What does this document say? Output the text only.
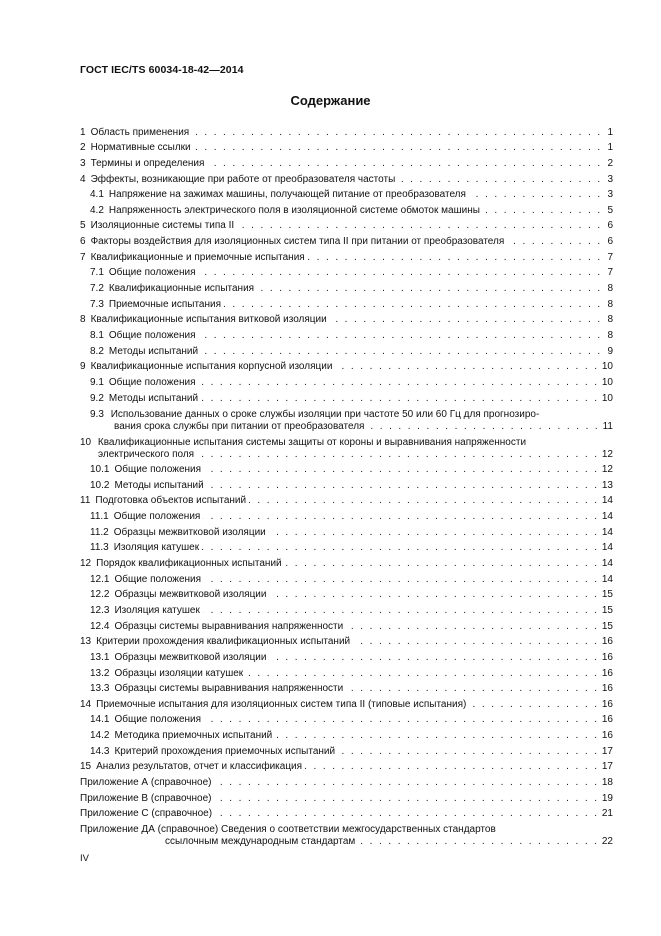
ГОСТ IEC/TS 60034-18-42—2014
Содержание
1 Область применения . . .	1
2 Нормативные ссылки . . .	1
3 Термины и определения . . .	2
4 Эффекты, возникающие при работе от преобразователя частоты . . .	3
4.1 Напряжение на зажимах машины, получающей питание от преобразователя . . .	3
4.2 Напряженность электрического поля в изоляционной системе обмоток машины . . .	5
5 Изоляционные системы типа II . . .	6
6 Факторы воздействия для изоляционных систем типа II при питании от преобразователя . . .	6
7 Квалификационные и приемочные испытания . . .	7
7.1 Общие положения . . .	7
7.2 Квалификационные испытания . . .	8
7.3 Приемочные испытания . . .	8
8 Квалификационные испытания витковой изоляции . . .	8
8.1 Общие положения . . .	8
8.2 Методы испытаний . . .	9
9 Квалификационные испытания корпусной изоляции . . .	10
9.1 Общие положения . . .	10
9.2 Методы испытаний . . .	10
9.3 Использование данных о сроке службы изоляции при частоте 50 или 60 Гц для прогнозиро-
вания срока службы при питании от преобразователя . . .	11
10 Квалификационные испытания системы защиты от короны и выравнивания напряженности
электрического поля . . .	12
10.1 Общие положения . . .	12
10.2 Методы испытаний . . .	13
11 Подготовка объектов испытаний . . .	14
11.1 Общие положения . . .	14
11.2 Образцы межвитковой изоляции . . .	14
11.3 Изоляция катушек . . .	14
12 Порядок квалификационных испытаний . . .	14
12.1 Общие положения . . .	14
12.2 Образцы межвитковой изоляции . . .	15
12.3 Изоляция катушек . . .	15
12.4 Образцы системы выравнивания напряженности . . .	15
13 Критерии прохождения квалификационных испытаний . . .	16
13.1 Образцы межвитковой изоляции . . .	16
13.2 Образцы изоляции катушек . . .	16
13.3 Образцы системы выравнивания напряженности . . .	16
14 Приемочные испытания для изоляционных систем типа II (типовые испытания) . . .	16
14.1 Общие положения . . .	16
14.2 Методика приемочных испытаний . . .	16
14.3 Критерий прохождения приемочных испытаний . . .	17
15 Анализ результатов, отчет и классификация . . .	17
Приложение А (справочное) . . .	18
Приложение В (справочное) . . .	19
Приложение С (справочное) . . .	21
Приложение ДА (справочное) Сведения о соответствии межгосударственных стандартов
ссылочным международным стандартам . . .	22
IV
